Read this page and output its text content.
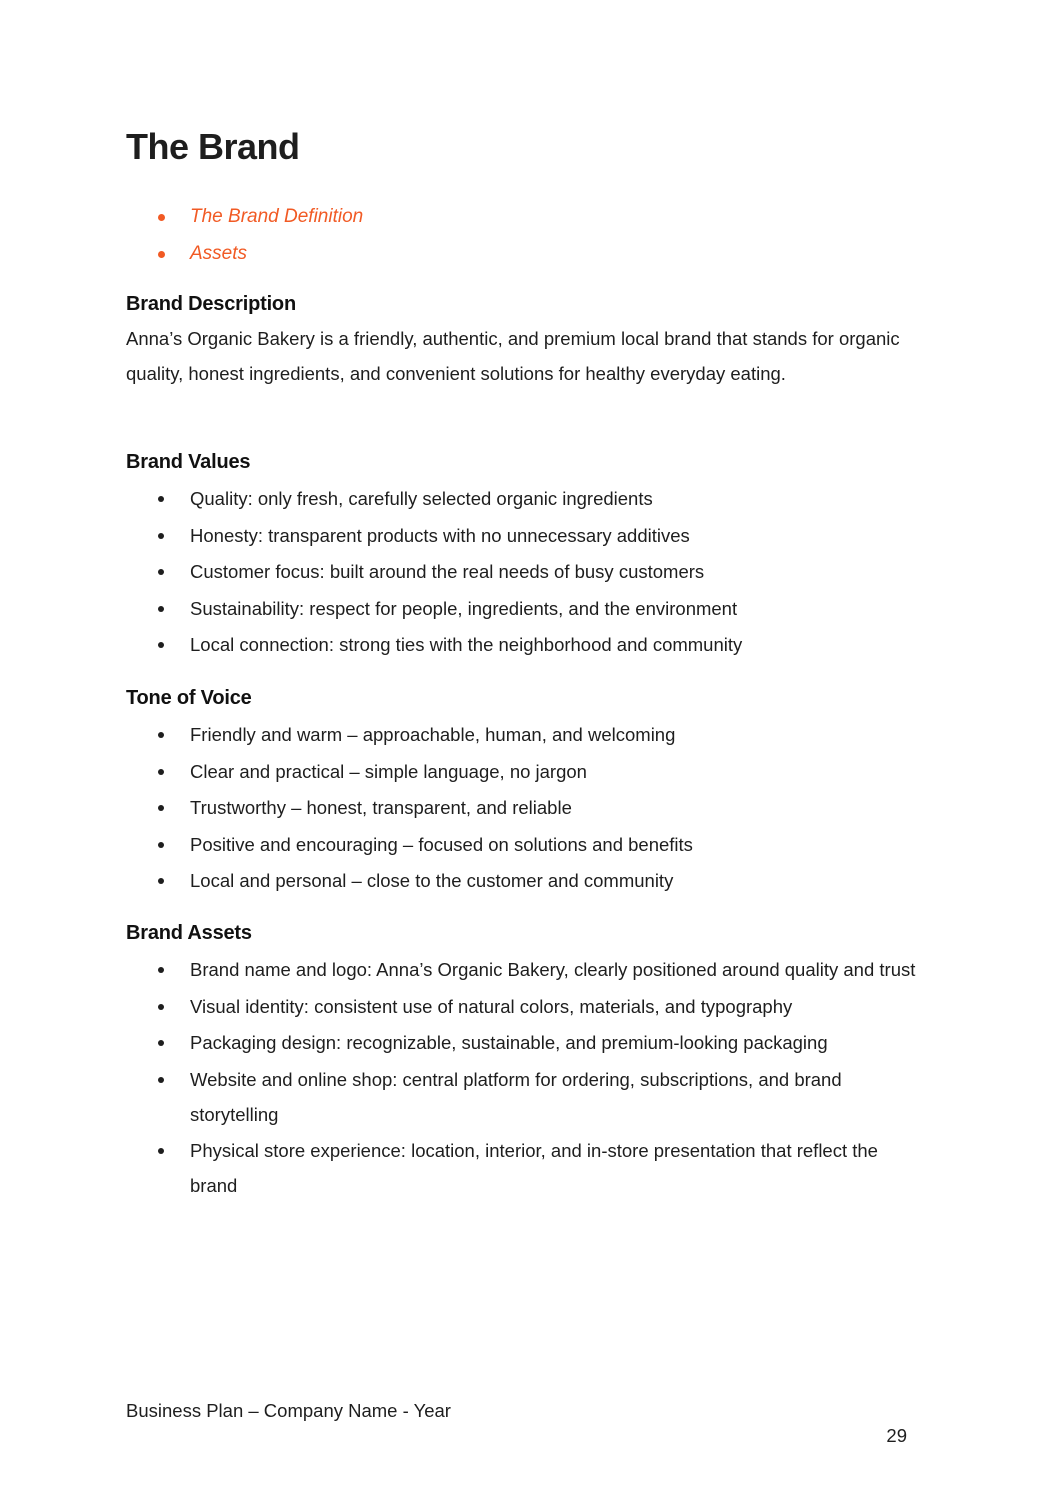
The Brand
The Brand Definition
Assets
Brand Description

Anna’s Organic Bakery is a friendly, authentic, and premium local brand that stands for organic quality, honest ingredients, and convenient solutions for healthy everyday eating.

Brand Values
Quality: only fresh, carefully selected organic ingredients
Honesty: transparent products with no unnecessary additives
Customer focus: built around the real needs of busy customers
Sustainability: respect for people, ingredients, and the environment
Local connection: strong ties with the neighborhood and community
Tone of Voice
Friendly and warm – approachable, human, and welcoming
Clear and practical – simple language, no jargon
Trustworthy – honest, transparent, and reliable
Positive and encouraging – focused on solutions and benefits
Local and personal – close to the customer and community
Brand Assets
Brand name and logo: Anna’s Organic Bakery, clearly positioned around quality and trust
Visual identity: consistent use of natural colors, materials, and typography
Packaging design: recognizable, sustainable, and premium-looking packaging
Website and online shop: central platform for ordering, subscriptions, and brand storytelling
Physical store experience: location, interior, and in-store presentation that reflect the brand
Business Plan – Company Name - Year
29
